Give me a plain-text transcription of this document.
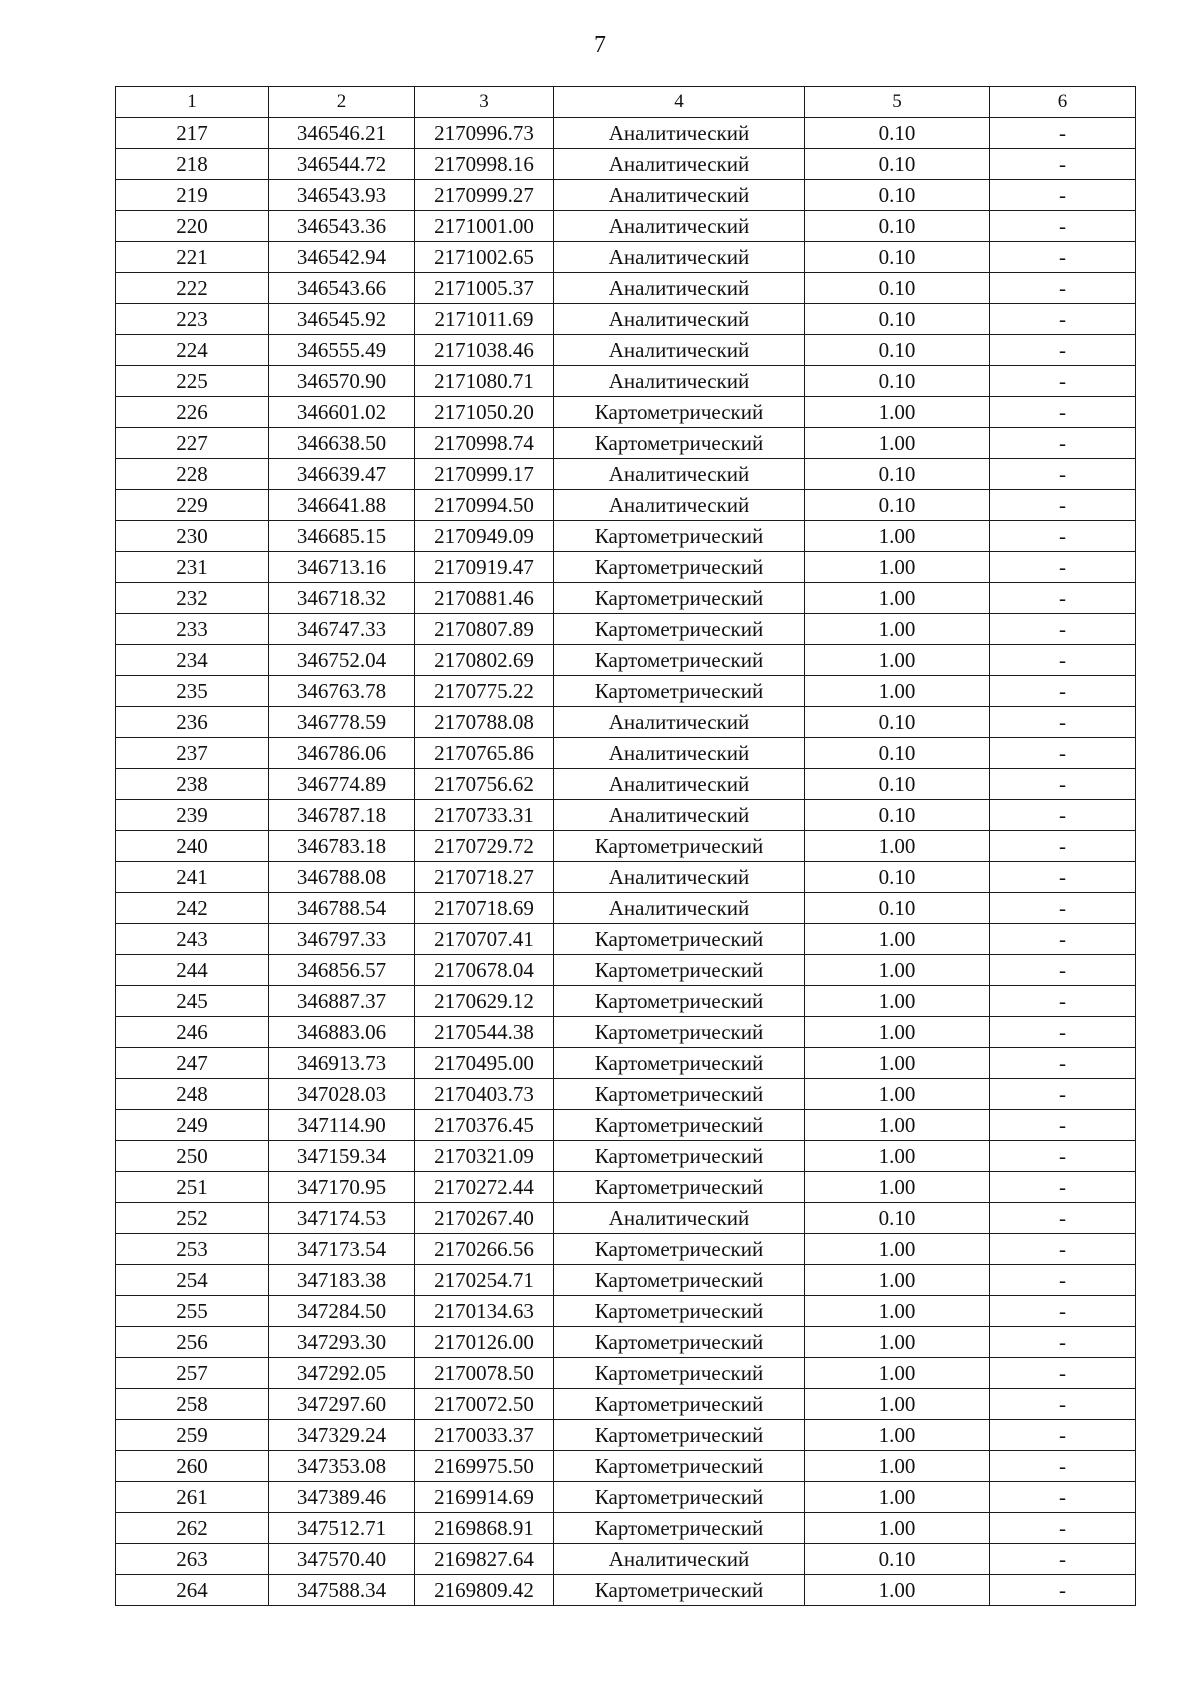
7
1	2	3	4	5	6
217	346546.21	2170996.73	Аналитический	0.10	-
218	346544.72	2170998.16	Аналитический	0.10	-
219	346543.93	2170999.27	Аналитический	0.10	-
220	346543.36	2171001.00	Аналитический	0.10	-
221	346542.94	2171002.65	Аналитический	0.10	-
222	346543.66	2171005.37	Аналитический	0.10	-
223	346545.92	2171011.69	Аналитический	0.10	-
224	346555.49	2171038.46	Аналитический	0.10	-
225	346570.90	2171080.71	Аналитический	0.10	-
226	346601.02	2171050.20	Картометрический	1.00	-
227	346638.50	2170998.74	Картометрический	1.00	-
228	346639.47	2170999.17	Аналитический	0.10	-
229	346641.88	2170994.50	Аналитический	0.10	-
230	346685.15	2170949.09	Картометрический	1.00	-
231	346713.16	2170919.47	Картометрический	1.00	-
232	346718.32	2170881.46	Картометрический	1.00	-
233	346747.33	2170807.89	Картометрический	1.00	-
234	346752.04	2170802.69	Картометрический	1.00	-
235	346763.78	2170775.22	Картометрический	1.00	-
236	346778.59	2170788.08	Аналитический	0.10	-
237	346786.06	2170765.86	Аналитический	0.10	-
238	346774.89	2170756.62	Аналитический	0.10	-
239	346787.18	2170733.31	Аналитический	0.10	-
240	346783.18	2170729.72	Картометрический	1.00	-
241	346788.08	2170718.27	Аналитический	0.10	-
242	346788.54	2170718.69	Аналитический	0.10	-
243	346797.33	2170707.41	Картометрический	1.00	-
244	346856.57	2170678.04	Картометрический	1.00	-
245	346887.37	2170629.12	Картометрический	1.00	-
246	346883.06	2170544.38	Картометрический	1.00	-
247	346913.73	2170495.00	Картометрический	1.00	-
248	347028.03	2170403.73	Картометрический	1.00	-
249	347114.90	2170376.45	Картометрический	1.00	-
250	347159.34	2170321.09	Картометрический	1.00	-
251	347170.95	2170272.44	Картометрический	1.00	-
252	347174.53	2170267.40	Аналитический	0.10	-
253	347173.54	2170266.56	Картометрический	1.00	-
254	347183.38	2170254.71	Картометрический	1.00	-
255	347284.50	2170134.63	Картометрический	1.00	-
256	347293.30	2170126.00	Картометрический	1.00	-
257	347292.05	2170078.50	Картометрический	1.00	-
258	347297.60	2170072.50	Картометрический	1.00	-
259	347329.24	2170033.37	Картометрический	1.00	-
260	347353.08	2169975.50	Картометрический	1.00	-
261	347389.46	2169914.69	Картометрический	1.00	-
262	347512.71	2169868.91	Картометрический	1.00	-
263	347570.40	2169827.64	Аналитический	0.10	-
264	347588.34	2169809.42	Картометрический	1.00	-
